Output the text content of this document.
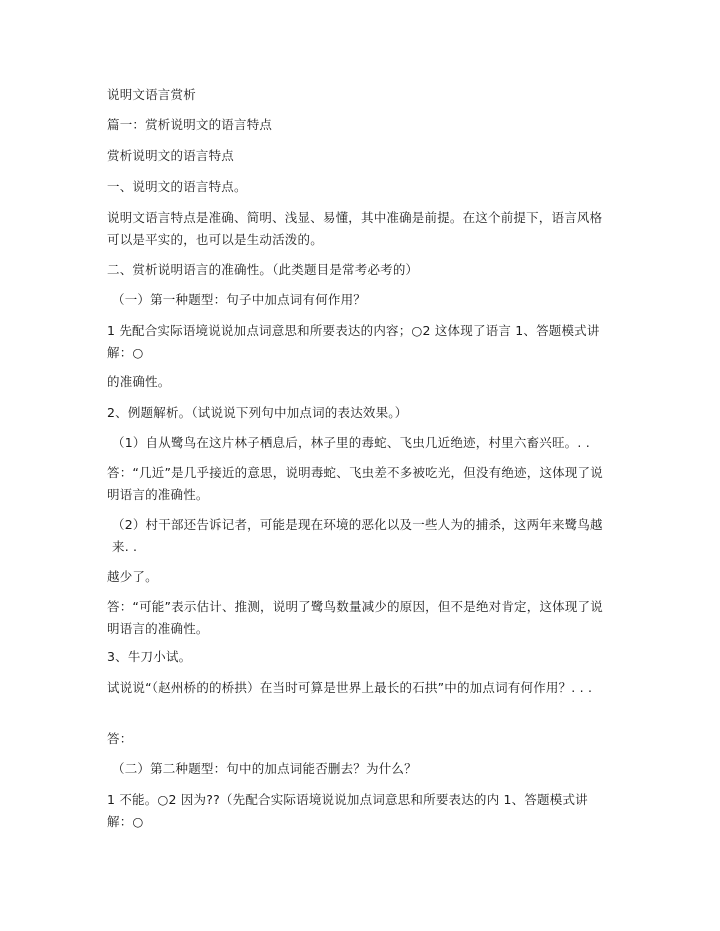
说明文语言赏析
篇一：赏析说明文的语言特点
赏析说明文的语言特点
一、说明文的语言特点。
说明文语言特点是准确、简明、浅显、易懂，其中准确是前提。在这个前提下，语言风格可以是平实的，也可以是生动活泼的。
二、赏析说明语言的准确性。（此类题目是常考必考的）
（一）第一种题型：句子中加点词有何作用？
1 先配合实际语境说说加点词意思和所要表达的内容；○2 这体现了语言 1、答题模式讲解：○
的准确性。
2、例题解析。（试说说下列句中加点词的表达效果。）
（1）自从鹭鸟在这片林子栖息后，林子里的毒蛇、飞虫几近绝迹，村里六畜兴旺。. .
答：“几近”是几乎接近的意思，说明毒蛇、飞虫差不多被吃光，但没有绝迹，这体现了说明语言的准确性。
（2）村干部还告诉记者，可能是现在环境的恶化以及一些人为的捕杀，这两年来鹭鸟越来. .
越少了。
答：“可能”表示估计、推测，说明了鹭鸟数量减少的原因，但不是绝对肯定，这体现了说明语言的准确性。
3、牛刀小试。
试说说“（赵州桥的的桥拱）在当时可算是世界上最长的石拱”中的加点词有何作用？. . .
答：
（二）第二种题型：句中的加点词能否删去？为什么？
1 不能。○2 因为??（先配合实际语境说说加点词意思和所要表达的内 1、答题模式讲解：○
